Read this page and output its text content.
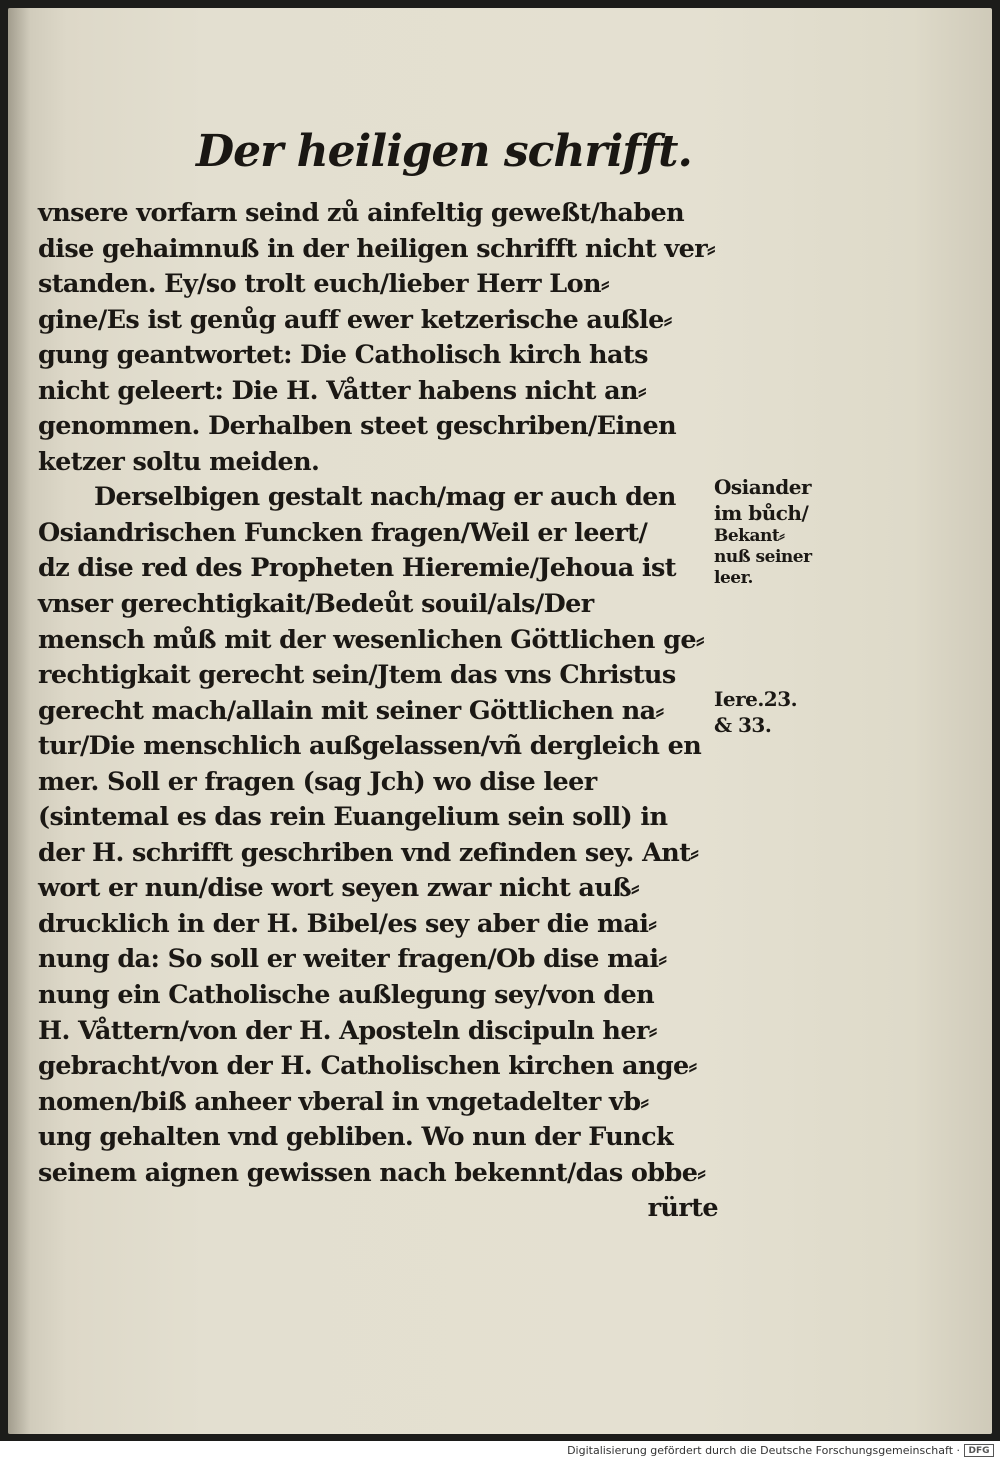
Der heiligen schrifft.
vnsere vorfarn seind zů ainfeltig geweßt/haben
dise gehaimnuß in der heiligen schrifft nicht ver⸗
standen. Ey/so trolt euch/lieber Herr Lon⸗
gine/Es ist genůg auff ewer ketzerische außle⸗
gung geantwortet: Die Catholisch kirch hats
nicht geleert: Die H. Våtter habens nicht an⸗
genommen. Derhalben steet geschriben/Einen
ketzer soltu meiden.
Derselbigen gestalt nach/mag er auch den
Osiandrischen Funcken fragen/Weil er leert/
dz dise red des Propheten Hieremie/Jehoua ist
vnser gerechtigkait/Bedeůt souil/als/Der
mensch můß mit der wesenlichen Göttlichen ge⸗
rechtigkait gerecht sein/Jtem das vns Christus
gerecht mach/allain mit seiner Göttlichen na⸗
tur/Die menschlich außgelassen/vñ dergleich en
mer. Soll er fragen (sag Jch) wo dise leer
(sintemal es das rein Euangelium sein soll) in
der H. schrifft geschriben vnd zefinden sey. Ant⸗
wort er nun/dise wort seyen zwar nicht auß⸗
drucklich in der H. Bibel/es sey aber die mai⸗
nung da: So soll er weiter fragen/Ob dise mai⸗
nung ein Catholische außlegung sey/von den
H. Våttern/von der H. Aposteln discipuln her⸗
gebracht/von der H. Catholischen kirchen ange⸗
nomen/biß anheer vberal in vngetadelter vb⸗
ung gehalten vnd gebliben. Wo nun der Funck
seinem aignen gewissen nach bekennt/das obbe⸗
rürte
Osiander
im bůch/
Bekant⸗
nuß seiner
leer.
Iere.23.
& 33.
Digitalisierung gefördert durch die Deutsche Forschungsgemeinschaft · DFG
